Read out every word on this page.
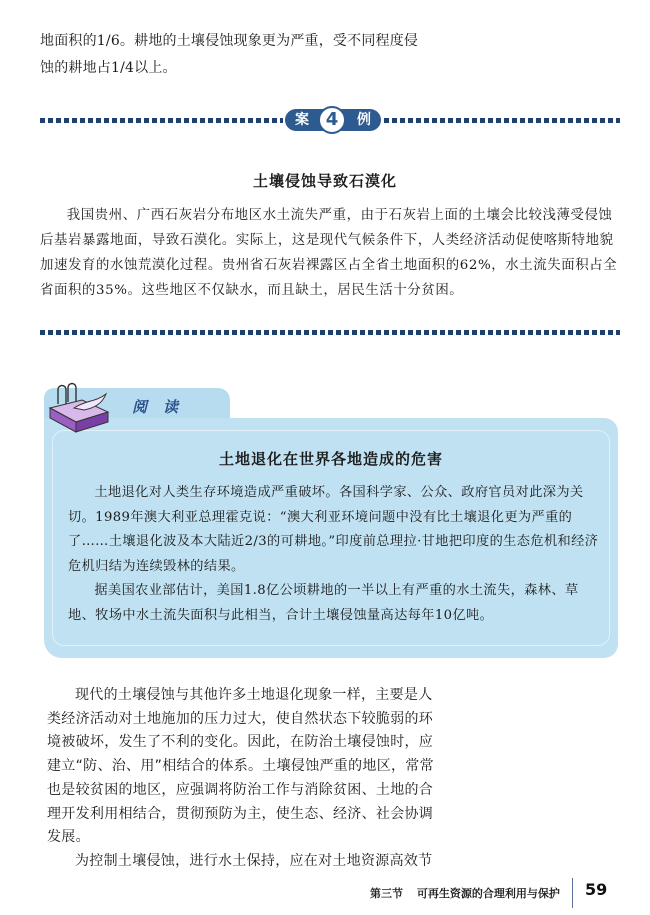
地面积的1/6。耕地的土壤侵蚀现象更为严重，受不同程度侵
蚀的耕地占1/4以上。
案	例
4
土壤侵蚀导致石漠化

我国贵州、广西石灰岩分布地区水土流失严重，由于石灰岩上面的土壤会比较浅薄受侵蚀后基岩暴露地面，导致石漠化。实际上，这是现代气候条件下，人类经济活动促使喀斯特地貌加速发育的水蚀荒漠化过程。贵州省石灰岩裸露区占全省土地面积的62%，水土流失面积占全省面积的35%。这些地区不仅缺水，而且缺土，居民生活十分贫困。

阅读
土地退化在世界各地造成的危害

土地退化对人类生存环境造成严重破坏。各国科学家、公众、政府官员对此深为关切。1989年澳大利亚总理霍克说：“澳大利亚环境问题中没有比土壤退化更为严重的了……土壤退化波及本大陆近2/3的可耕地。”印度前总理拉·甘地把印度的生态危机和经济危机归结为连续毁林的结果。

据美国农业部估计，美国1.8亿公顷耕地的一半以上有严重的水土流失，森林、草地、牧场中水土流失面积与此相当，合计土壤侵蚀量高达每年10亿吨。

现代的土壤侵蚀与其他许多土地退化现象一样，主要是人类经济活动对土地施加的压力过大，使自然状态下较脆弱的环境被破坏，发生了不利的变化。因此，在防治土壤侵蚀时，应建立“防、治、用”相结合的体系。土壤侵蚀严重的地区，常常也是较贫困的地区，应强调将防治工作与消除贫困、土地的合理开发利用相结合，贯彻预防为主，使生态、经济、社会协调发展。

为控制土壤侵蚀，进行水土保持，应在对土地资源高效节

第三节 可再生资源的合理利用与保护 59
